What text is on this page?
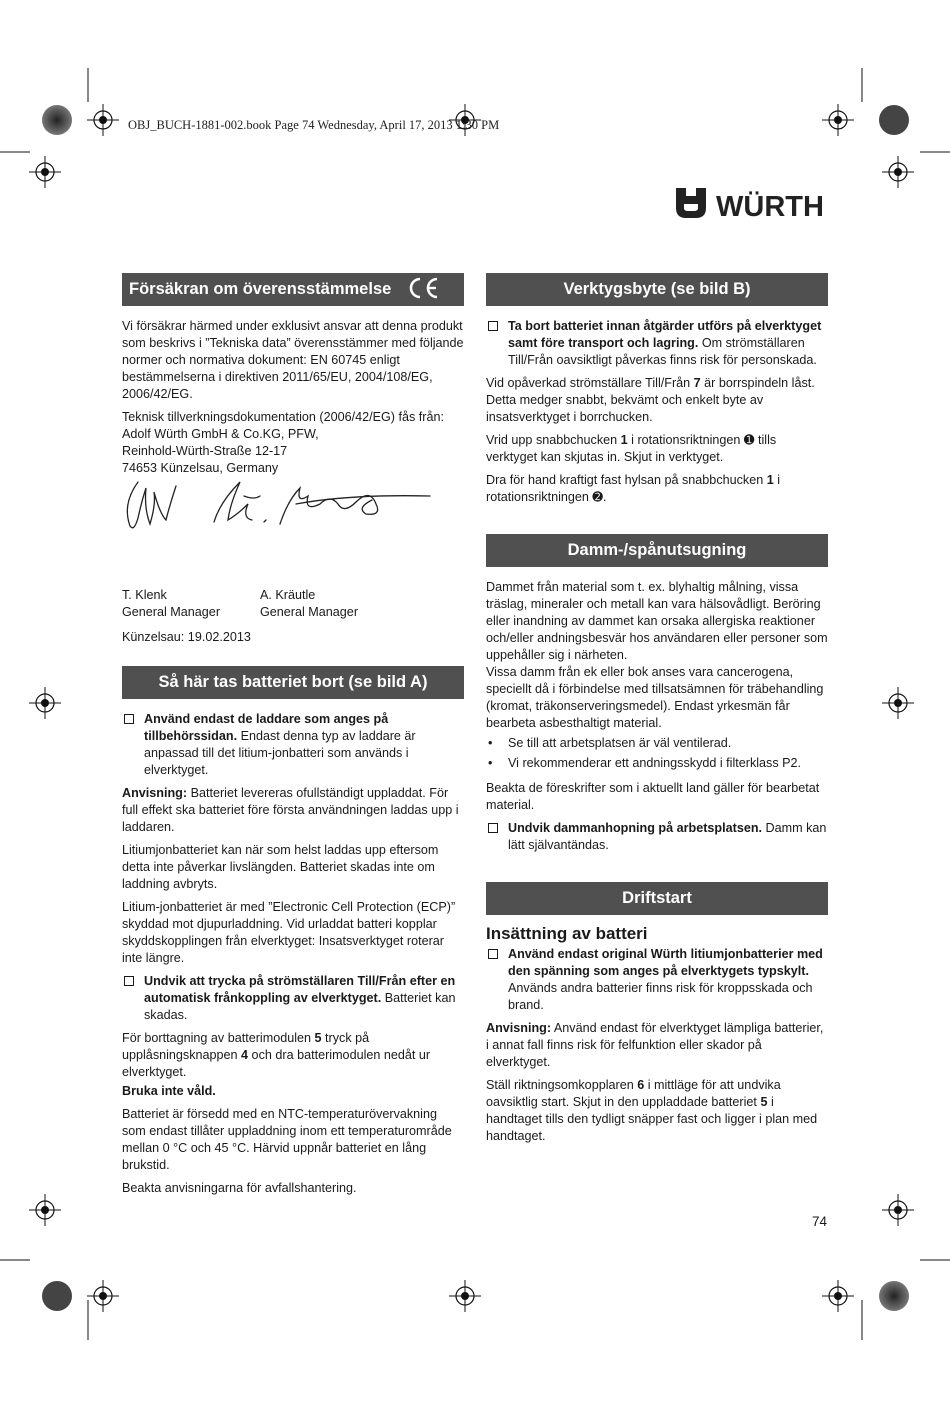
OBJ_BUCH-1881-002.book Page 74 Wednesday, April 17, 2013 1:30 PM
WÜRTH
Försäkran om överensstämmelse

Vi försäkrar härmed under exklusivt ansvar att denna produkt som beskrivs i ”Tekniska data” överensstämmer med följande normer och normativa dokument: EN 60745 enligt bestämmelserna i direktiven 2011/65/EU, 2004/108/EG, 2006/42/EG.

Teknisk tillverkningsdokumentation (2006/42/EG) fås från:
Adolf Würth GmbH & Co.KG, PFW,
Reinhold-Würth-Straße 12-17
74653 Künzelsau, Germany
T. Klenk
General Manager
A. Kräutle
General Manager

Künzelsau: 19.02.2013

Så här tas batteriet bort (se bild A)
Använd endast de laddare som anges på tillbehörssidan. Endast denna typ av laddare är anpassad till det litium-jonbatteri som används i elverktyget.

Anvisning: Batteriet levereras ofullständigt uppladdat. För full effekt ska batteriet före första användningen laddas upp i laddaren.

Litiumjonbatteriet kan när som helst laddas upp eftersom detta inte påverkar livslängden. Batteriet skadas inte om laddning avbryts.

Litium-jonbatteriet är med ”Electronic Cell Protection (ECP)” skyddad mot djupurladdning. Vid urladdat batteri kopplar skyddskopplingen från elverktyget: Insatsverktyget roterar inte längre.

Undvik att trycka på strömställaren Till/Från efter en automatisk frånkoppling av elverktyget. Batteriet kan skadas.

För borttagning av batterimodulen 5 tryck på upplåsningsknappen 4 och dra batterimodulen nedåt ur elverktyget.

Bruka inte våld.

Batteriet är försedd med en NTC-temperaturövervakning som endast tillåter uppladdning inom ett temperaturområde mellan 0 °C och 45 °C. Härvid uppnår batteriet en lång brukstid.

Beakta anvisningarna för avfallshantering.

Verktygsbyte (se bild B)
Ta bort batteriet innan åtgärder utförs på elverktyget samt före transport och lagring. Om strömställaren Till/Från oavsiktligt påverkas finns risk för personskada.

Vid opåverkad strömställare Till/Från 7 är borrspindeln låst. Detta medger snabbt, bekvämt och enkelt byte av insatsverktyget i borrchucken.

Vrid upp snabbchucken 1 i rotationsriktningen ➊ tills verktyget kan skjutas in. Skjut in verktyget.

Dra för hand kraftigt fast hylsan på snabbchucken 1 i rotationsriktningen ➋.

Damm-/spånutsugning

Dammet från material som t. ex. blyhaltig målning, vissa träslag, mineraler och metall kan vara hälsovådligt. Beröring eller inandning av dammet kan orsaka allergiska reaktioner och/eller andningsbesvär hos användaren eller personer som uppehåller sig i närheten.

Vissa damm från ek eller bok anses vara cancerogena, speciellt då i förbindelse med tillsatsämnen för träbehandling (kromat, träkonserveringsmedel). Endast yrkesmän får bearbeta asbesthaltigt material.

• Se till att arbetsplatsen är väl ventilerad.
• Vi rekommenderar ett andningsskydd i filterklass P2.

Beakta de föreskrifter som i aktuellt land gäller för bearbetat material.

Undvik dammanhopning på arbetsplatsen. Damm kan lätt självantändas.
Driftstart
Insättning av batteri
Använd endast original Würth litiumjonbatterier med den spänning som anges på elverktygets typskylt. Används andra batterier finns risk för kroppsskada och brand.

Anvisning: Använd endast för elverktyget lämpliga batterier, i annat fall finns risk för felfunktion eller skador på elverktyget.

Ställ riktningsomkopplaren 6 i mittläge för att undvika oavsiktlig start. Skjut in den uppladdade batteriet 5 i handtaget tills den tydligt snäpper fast och ligger i plan med handtaget.

74
